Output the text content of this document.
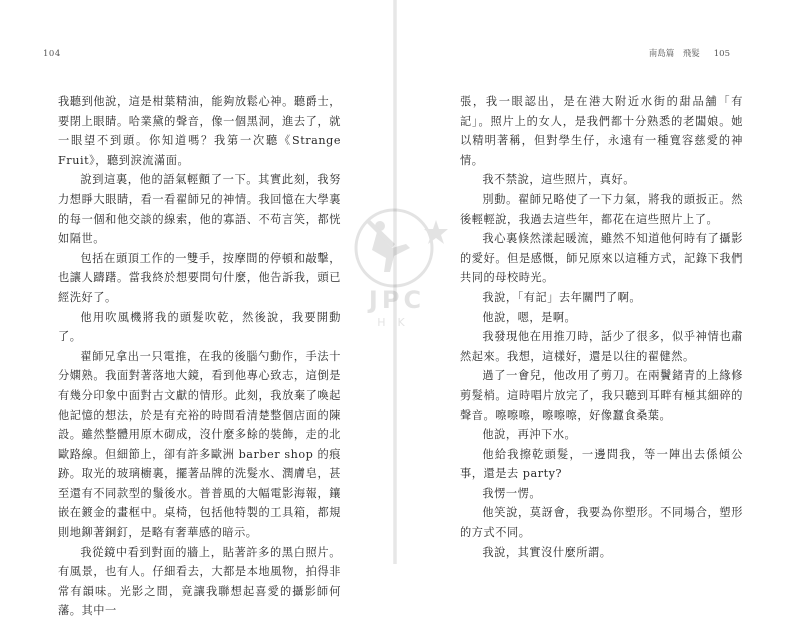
104	南島篇　飛髮 105

我聽到他說，這是柑葉精油，能夠放鬆心神。聽爵士，要閉上眼睛。哈業黛的聲音，像一個黑洞，進去了，就一眼望不到頭。你知道嗎？我第一次聽《Strange Fruit》，聽到淚流滿面。

說到這裏，他的語氣輕顫了一下。其實此刻，我努力想睜大眼睛，看一看翟師兄的神情。我回憶在大學裏的每一個和他交談的線索，他的寡語、不苟言笑，都恍如隔世。

包括在頭頂工作的一雙手，按摩間的停頓和敲擊，也讓人躊躇。當我終於想要問句什麼，他告訴我，頭已經洗好了。

他用吹風機將我的頭髮吹乾，然後說，我要開動了。

翟師兄拿出一只電推，在我的後腦勺動作，手法十分嫻熟。我面對著落地大鏡，看到他專心致志，這倒是有幾分印象中面對古文獻的情形。此刻，我放棄了喚起他記憶的想法，於是有充裕的時間看清楚整個店面的陳設。雖然整體用原木砌成，沒什麼多餘的裝飾，走的北歐路線。但細節上，卻有許多歐洲 barber shop 的痕跡。取光的玻璃櫥裏，擺著品牌的洗髮水、潤膚皂，甚至還有不同款型的鬚後水。普普風的大幅電影海報，鑲嵌在鍍金的畫框中。桌椅，包括他特製的工具箱，都規則地鉚著銅釘，是略有奢華感的暗示。

我從鏡中看到對面的牆上，貼著許多的黑白照片。有風景，也有人。仔細看去，大都是本地風物，拍得非常有韻味。光影之間，竟讓我聯想起喜愛的攝影師何藩。其中一

張，我一眼認出，是在港大附近水街的甜品舖「有記」。照片上的女人，是我們都十分熟悉的老闆娘。她以精明著稱，但對學生仔，永遠有一種寬容慈愛的神情。

我不禁說，這些照片，真好。

別動。翟師兄略使了一下力氣，將我的頭扳正。然後輕輕說，我過去這些年，都花在這些照片上了。

我心裏倏然漾起暖流，雖然不知道他何時有了攝影的愛好。但是感慨，師兄原來以這種方式，記錄下我們共同的母校時光。

我說，「有記」去年關門了啊。

他說，嗯，是啊。

我發現他在用推刀時，話少了很多，似乎神情也肅然起來。我想，這樣好，還是以往的翟健然。

過了一會兒，他改用了剪刀。在兩鬢鍺青的上緣修剪髮梢。這時唱片放完了，我只聽到耳畔有極其細碎的聲音。嚓嚓嚓，嚓嚓嚓，好像蠶食桑葉。

他說，再沖下水。

他給我擦乾頭髮，一邊問我，等一陣出去係傾公事，還是去 party?

我愣一愣。

他笑說，莫訝會，我要為你塑形。不同場合，塑形的方式不同。

我說，其實沒什麼所謂。

JPC
HK
